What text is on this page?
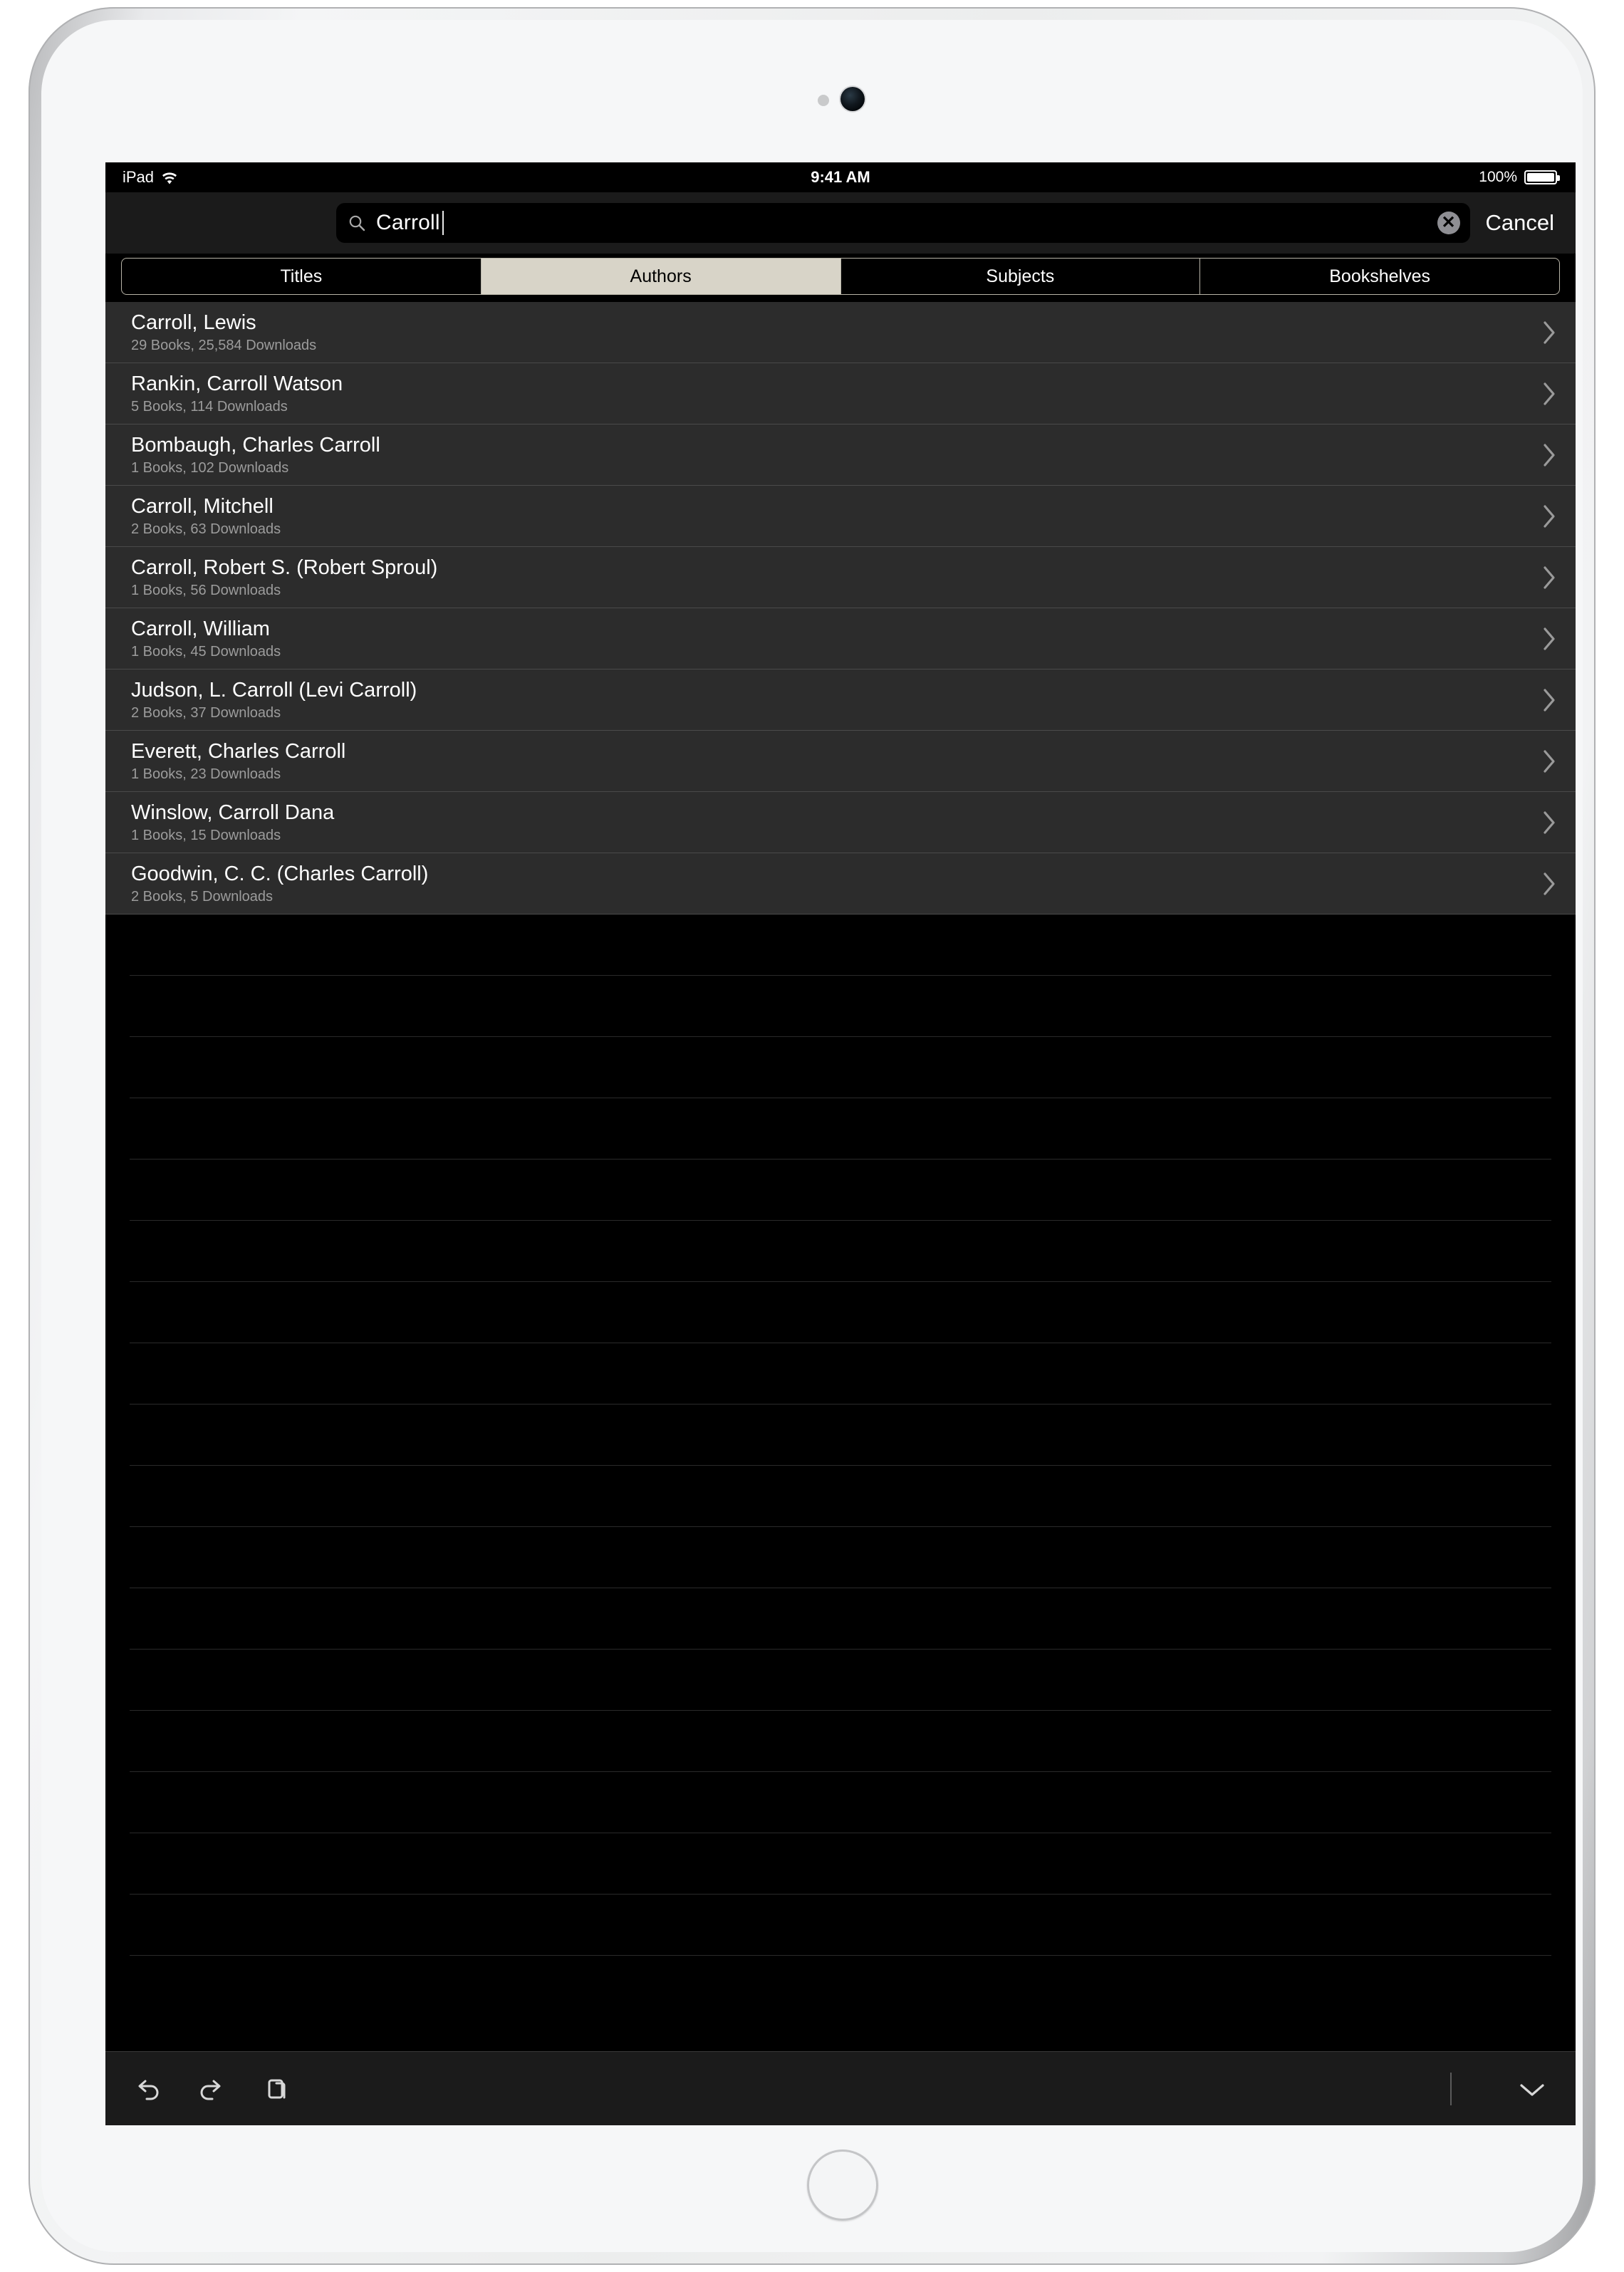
iPad	9:41 AM	100%
Carroll	✕ Cancel
Titles	Authors	Subjects	Bookshelves
Carroll, Lewis
29 Books, 25,584 Downloads
Rankin, Carroll Watson
5 Books, 114 Downloads
Bombaugh, Charles Carroll
1 Books, 102 Downloads
Carroll, Mitchell
2 Books, 63 Downloads
Carroll, Robert S. (Robert Sproul)
1 Books, 56 Downloads
Carroll, William
1 Books, 45 Downloads
Judson, L. Carroll (Levi Carroll)
2 Books, 37 Downloads
Everett, Charles Carroll
1 Books, 23 Downloads
Winslow, Carroll Dana
1 Books, 15 Downloads
Goodwin, C. C. (Charles Carroll)
2 Books, 5 Downloads
